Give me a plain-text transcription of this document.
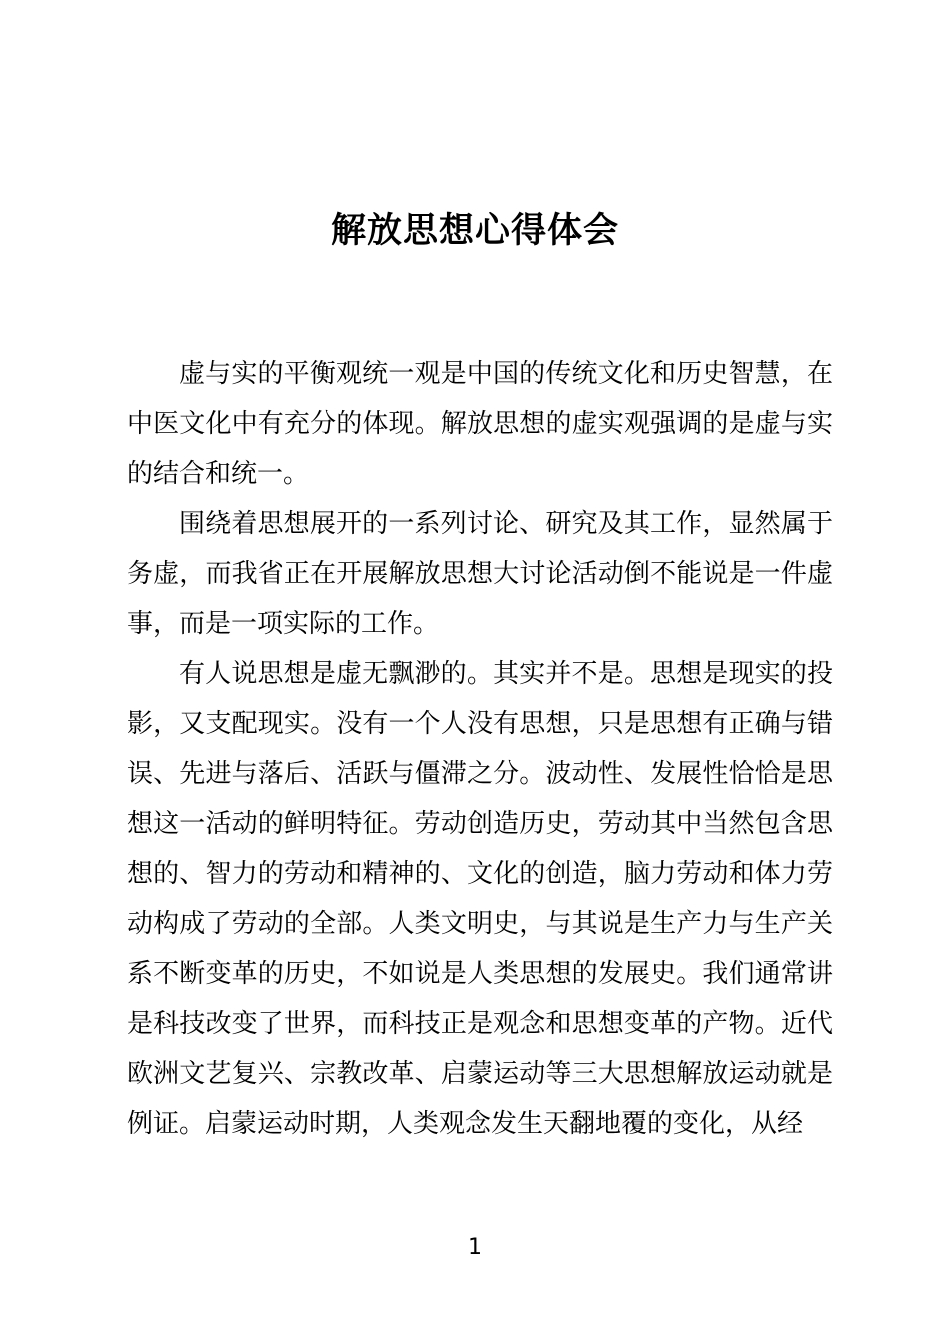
解放思想心得体会

虚与实的平衡观统一观是中国的传统文化和历史智慧，在中医文化中有充分的体现。解放思想的虚实观强调的是虚与实的结合和统一。

围绕着思想展开的一系列讨论、研究及其工作，显然属于务虚，而我省正在开展解放思想大讨论活动倒不能说是一件虚事，而是一项实际的工作。

有人说思想是虚无飘渺的。其实并不是。思想是现实的投影，又支配现实。没有一个人没有思想，只是思想有正确与错误、先进与落后、活跃与僵滞之分。波动性、发展性恰恰是思想这一活动的鲜明特征。劳动创造历史，劳动其中当然包含思想的、智力的劳动和精神的、文化的创造，脑力劳动和体力劳动构成了劳动的全部。人类文明史，与其说是生产力与生产关系不断变革的历史，不如说是人类思想的发展史。我们通常讲是科技改变了世界，而科技正是观念和思想变革的产物。近代欧洲文艺复兴、宗教改革、启蒙运动等三大思想解放运动就是例证。启蒙运动时期，人类观念发生天翻地覆的变化，从经

1
